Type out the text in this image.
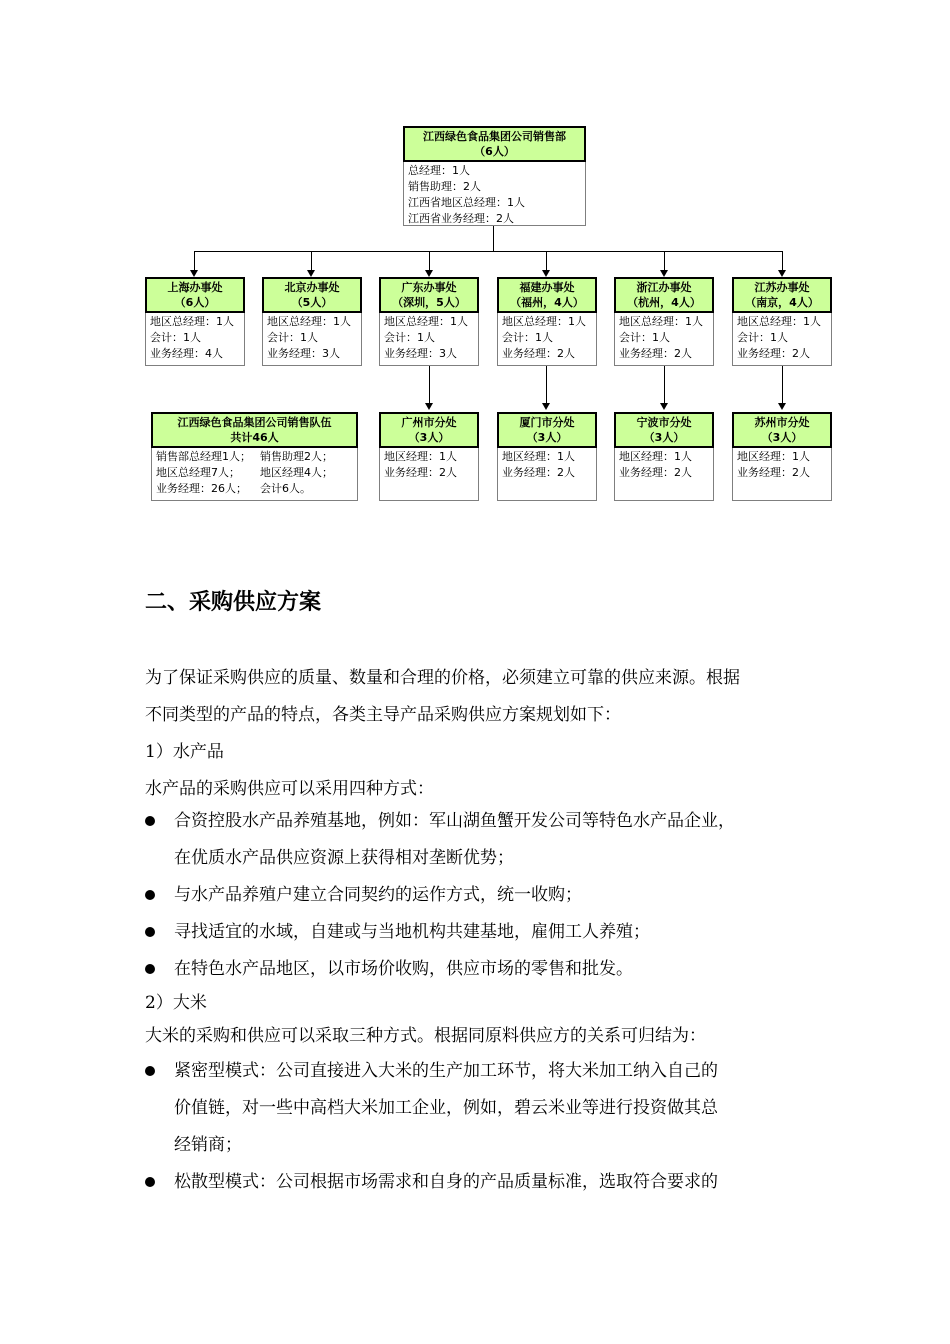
江西绿色食品集团公司销售部
（6人）
总经理：1人
销售助理：2人
江西省地区总经理：1人
江西省业务经理：2人
上海办事处
（6人）
地区总经理：1人
会计：1人
业务经理：4人
北京办事处
（5人）
地区总经理：1人
会计：1人
业务经理：3人
广东办事处
（深圳，5人）
地区总经理：1人
会计：1人
业务经理：3人
福建办事处
（福州，4人）
地区总经理：1人
会计：1人
业务经理：2人
浙江办事处
（杭州，4人）
地区总经理：1人
会计：1人
业务经理：2人
江苏办事处
（南京，4人）
地区总经理：1人
会计：1人
业务经理：2人
江西绿色食品集团公司销售队伍
共计46人
销售部总经理1人； 销售助理2人；
地区总经理7人；	地区经理4人；
业务经理：26人；	会计6人。
广州市分处
（3人）
地区经理：1人
业务经理：2人
厦门市分处
（3人）
地区经理：1人
业务经理：2人
宁波市分处
（3人）
地区经理：1人
业务经理：2人
苏州市分处
（3人）
地区经理：1人
业务经理：2人
二、采购供应方案
为了保证采购供应的质量、数量和合理的价格，必须建立可靠的供应来源。根据
不同类型的产品的特点，各类主导产品采购供应方案规划如下：
1）水产品
水产品的采购供应可以采用四种方式：
合资控股水产品养殖基地，例如：军山湖鱼蟹开发公司等特色水产品企业，
在优质水产品供应资源上获得相对垄断优势；
与水产品养殖户建立合同契约的运作方式，统一收购；
寻找适宜的水域，自建或与当地机构共建基地，雇佣工人养殖；
在特色水产品地区，以市场价收购，供应市场的零售和批发。
2）大米
大米的采购和供应可以采取三种方式。根据同原料供应方的关系可归结为：
紧密型模式：公司直接进入大米的生产加工环节，将大米加工纳入自己的
价值链，对一些中高档大米加工企业，例如，碧云米业等进行投资做其总
经销商；
松散型模式：公司根据市场需求和自身的产品质量标准，选取符合要求的
